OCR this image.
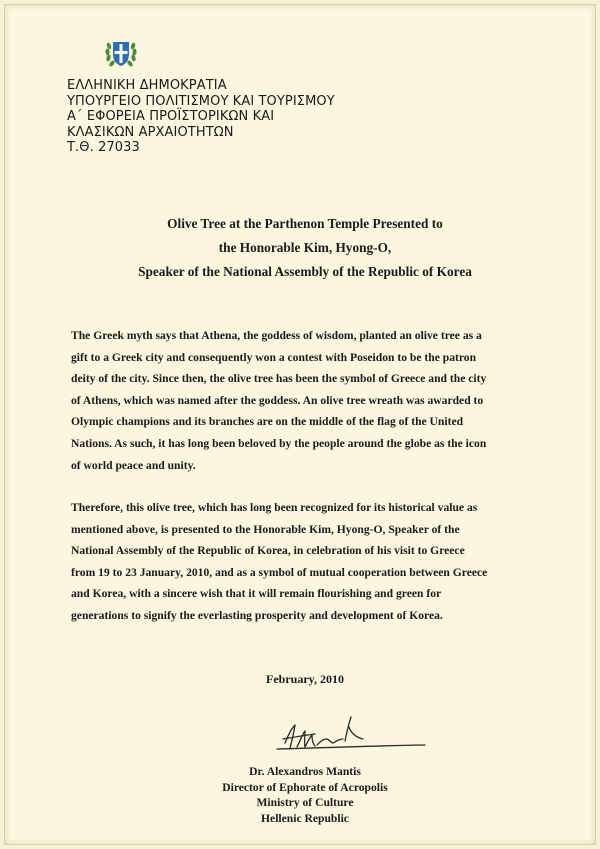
ΕΛΛΗΝΙΚΗ ΔΗΜΟΚΡΑΤΙΑ
ΥΠΟΥΡΓΕΙΟ ΠΟΛΙΤΙΣΜΟΥ ΚΑΙ ΤΟΥΡΙΣΜΟΥ
Α΄ ΕΦΟΡΕΙΑ ΠΡΟΪΣΤΟΡΙΚΩΝ ΚΑΙ
ΚΛΑΣΙΚΩΝ ΑΡΧΑΙΟΤΗΤΩΝ
Τ.Θ. 27033
Olive Tree at the Parthenon Temple Presented to
the Honorable Kim, Hyong-O,
Speaker of the National Assembly of the Republic of Korea
The Greek myth says that Athena, the goddess of wisdom, planted an olive tree as a
gift to a Greek city and consequently won a contest with Poseidon to be the patron
deity of the city. Since then, the olive tree has been the symbol of Greece and the city
of Athens, which was named after the goddess. An olive tree wreath was awarded to
Olympic champions and its branches are on the middle of the flag of the United
Nations. As such, it has long been beloved by the people around the globe as the icon
of world peace and unity.
Therefore, this olive tree, which has long been recognized for its historical value as
mentioned above, is presented to the Honorable Kim, Hyong-O, Speaker of the
National Assembly of the Republic of Korea, in celebration of his visit to Greece
from 19 to 23 January, 2010, and as a symbol of mutual cooperation between Greece
and Korea, with a sincere wish that it will remain flourishing and green for
generations to signify the everlasting prosperity and development of Korea.
February, 2010
Dr. Alexandros Mantis
Director of Ephorate of Acropolis
Ministry of Culture
Hellenic Republic
